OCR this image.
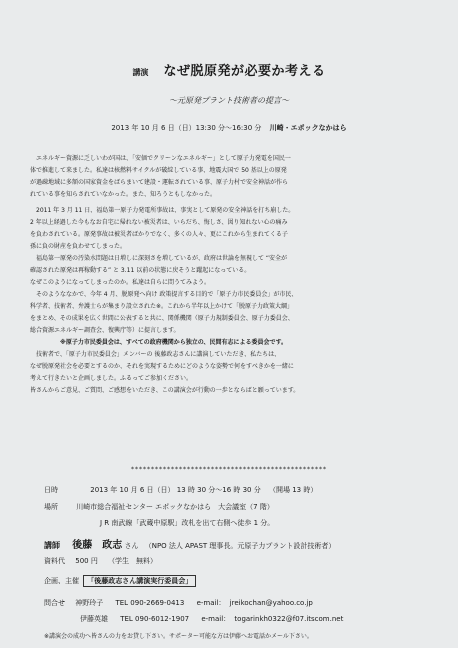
講演 なぜ脱原発が必要か考える
～元原発プラント技術者の提言～
2013 年 10 月 6 日（日）13:30 分～16:30 分 川崎・エポックなかはら

エネルギー資源に乏しいわが国は、「安価でクリーンなエネルギー」として原子力発電を国民一

体で推進して来ました。私達は核燃料サイクルが破綻している事、地震大国で 50 基以上の原発

が過疎地域に多額の国家資金をばらまいて建設・運転されている事、原子力村で安全神話が作ら

れている事を知らされていなかった。また、知ろうともしなかった。

2011 年 3 月 11 日、福島第一原子力発電所事故は、事実として原発の安全神話を打ち崩した。

2 年以上経過した今もなお自宅に帰れない被災者は、いらだち、悔しさ、図り知れない心の痛み

を負わされている。原発事故は被災者ばかりでなく、多くの人々、更にこれから生まれてくる子

孫に負の財産を負わせてしまった。

福島第一原発の汚染水問題は日増しに深刻さを増しているが、政府は世論を無視して “安全が

確認された原発は再稼動する” と 3.11 以前の状態に戻そうと躍起になっている。

なぜこのようになってしまったのか。私達は自らに問うてみよう。

そのようななかで、今年 4 月、脱原発へ向け 政策提言する目的で「原子力市民委員会」が市民、

科学者、技術者、弁護士らが集まり設立された※。これから半年以上かけて「脱原子力政策大綱」

をまとめ、その成果を広く世間に公表すると共に、関係機関（原子力規制委員会、原子力委員会、

総合資源エネルギー調査会、復興庁等）に提言します。

※原子力市民委員会は、すべての政府機関から独立の、民間有志による委員会です。

技術者で、「原子力市民委員会」メンバーの 後藤政志さんに講演していただき、私たちは、

なぜ脱原発社会を必要とするのか、それを実現するためにどのような姿勢で何をすべきかを一緒に

考えて行きたいと企画しました。ふるってご参加ください。

皆さんからご意見、ご質問、ご感想をいただき、この講演会が行動の一歩とならばと願っています。

*************************************************
日時	2013 年 10 月 6 日（日） 13 時 30 分～16 時 30 分 （開場 13 時）
場所	川崎市総合福祉センター エポックなかはら　大会議室（7 階）
J R 南武線「武蔵中原駅」改札を出て右側へ徒歩 1 分。
講師 後藤　政志 さん （NPO 法人 APAST 理事長。元原子力プラント設計技術者）
資料代 500 円 （学生　無料）
企画、主催 「後藤政志さん講演実行委員会」
問合せ 神野玲子 TEL 090-2669-0413 e-mail： jreikochan@yahoo.co.jp
伊藤英雄 TEL 090-6012-1907 e-mail： togarinkh0322@f07.itscom.net
※講演会の成功へ皆さんの力をお貸し下さい。サポーター可能な方は伊藤へお電話かメール下さい。
